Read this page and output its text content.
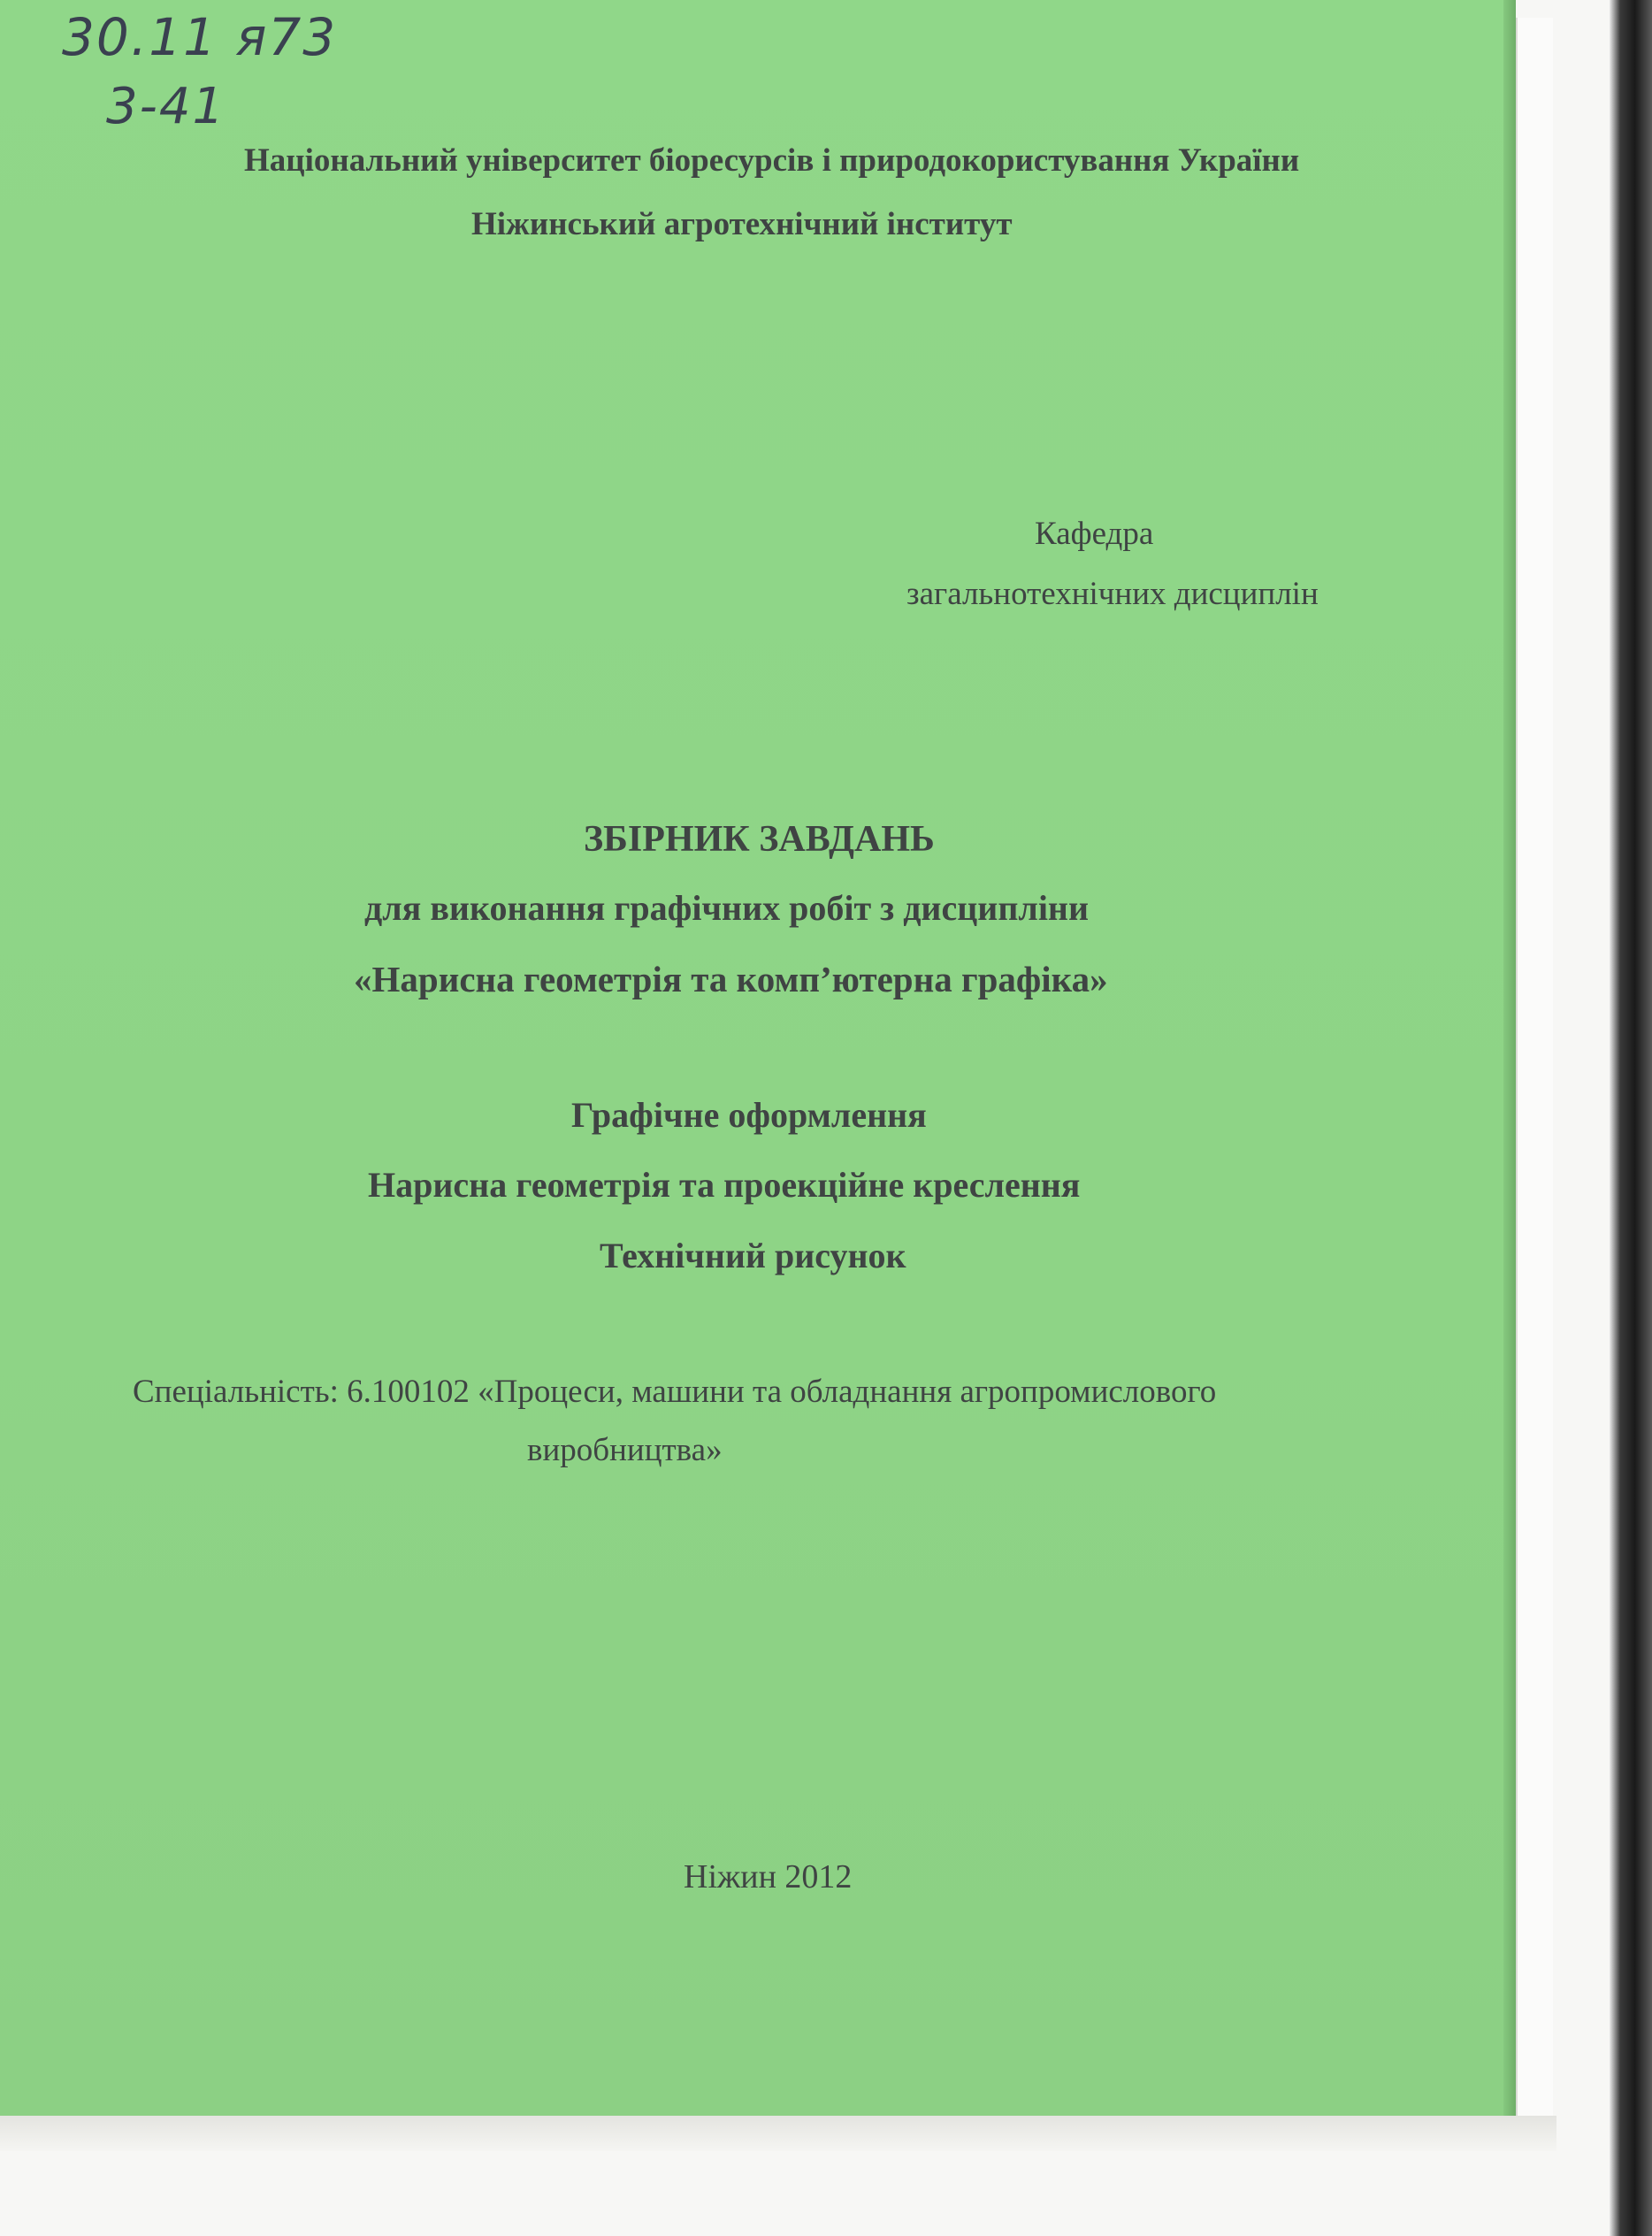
30.11 я73
3-41
Національний університет біоресурсів і природокористування України
Ніжинський агротехнічний інститут
Кафедра
загальнотехнічних дисциплін
ЗБІРНИК ЗАВДАНЬ
для виконання графічних робіт з дисципліни
«Нарисна геометрія та комп’ютерна графіка»
Графічне оформлення
Нарисна геометрія та проекційне креслення
Технічний рисунок
Спеціальність: 6.100102 «Процеси, машини та обладнання агропромислового
виробництва»
Ніжин 2012
